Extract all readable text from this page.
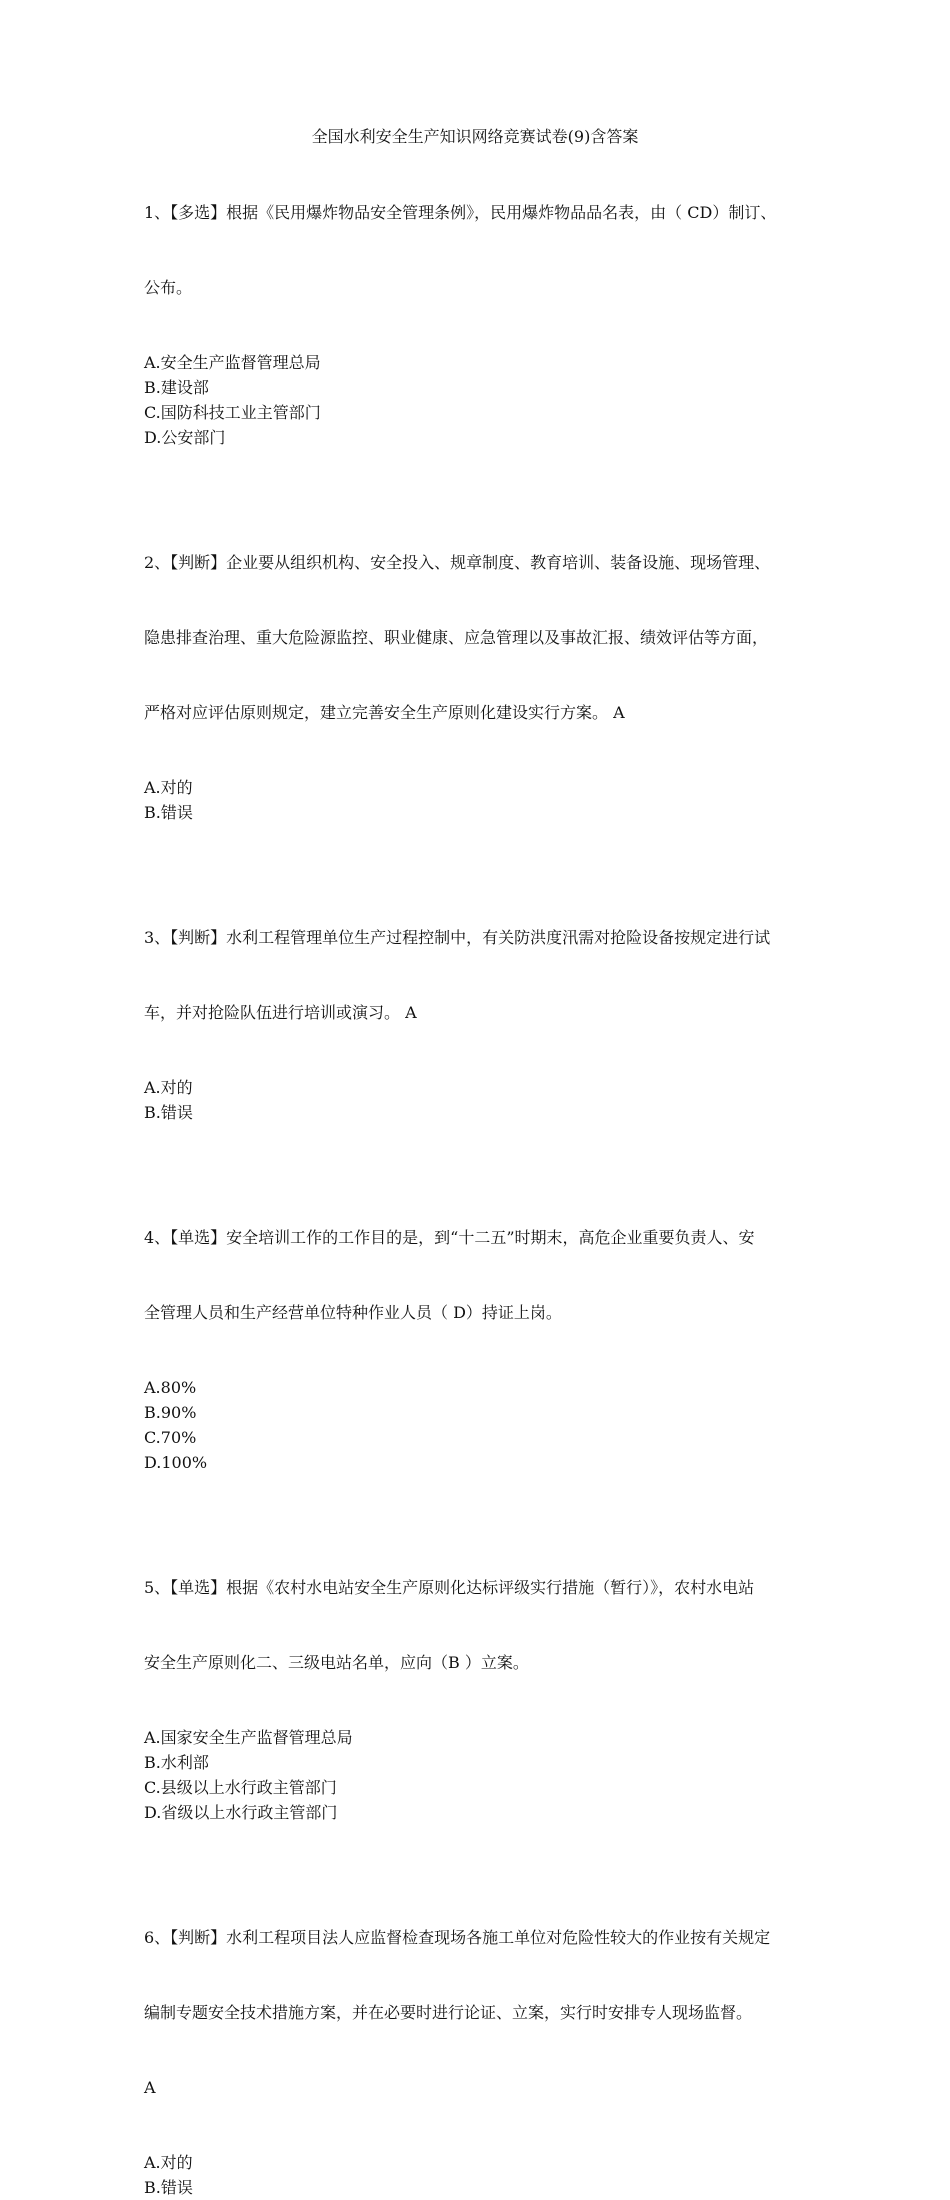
全国水利安全生产知识网络竞赛试卷(9)含答案

1、【多选】根据《民用爆炸物品安全管理条例》，民用爆炸物品品名表，由（ CD）制订、

公布。

A.安全生产监督管理总局
B.建设部
C.国防科技工业主管部门
D.公安部门

2、【判断】企业要从组织机构、安全投入、规章制度、教育培训、装备设施、现场管理、

隐患排查治理、重大危险源监控、职业健康、应急管理以及事故汇报、绩效评估等方面，

严格对应评估原则规定，建立完善安全生产原则化建设实行方案。 A

A.对的
B.错误

3、【判断】水利工程管理单位生产过程控制中，有关防洪度汛需对抢险设备按规定进行试

车，并对抢险队伍进行培训或演习。 A

A.对的
B.错误

4、【单选】安全培训工作的工作目的是，到“十二五”时期末，高危企业重要负责人、安

全管理人员和生产经营单位特种作业人员（ D）持证上岗。

A.80%
B.90%
C.70%
D.100%

5、【单选】根据《农村水电站安全生产原则化达标评级实行措施（暂行）》，农村水电站

安全生产原则化二、三级电站名单，应向（B ）立案。

A.国家安全生产监督管理总局
B.水利部
C.县级以上水行政主管部门
D.省级以上水行政主管部门

6、【判断】水利工程项目法人应监督检查现场各施工单位对危险性较大的作业按有关规定

编制专题安全技术措施方案，并在必要时进行论证、立案，实行时安排专人现场监督。

A

A.对的
B.错误
